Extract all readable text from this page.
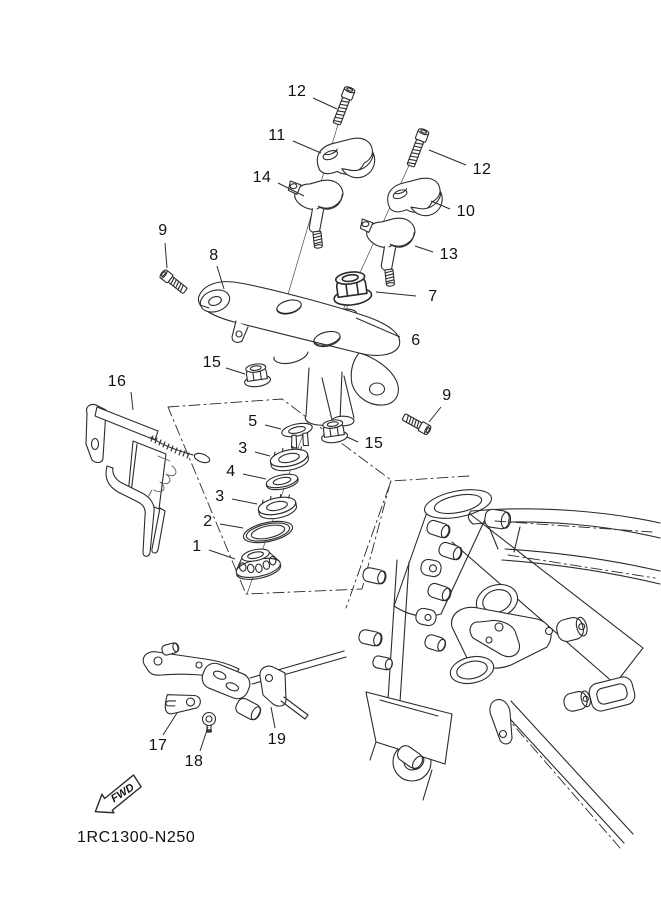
FWD
12
11
14	12
10
13
9
8
7
6
15
16
9
15
5
3
4
3
2
1
17
18
19
1RC1300-N250
